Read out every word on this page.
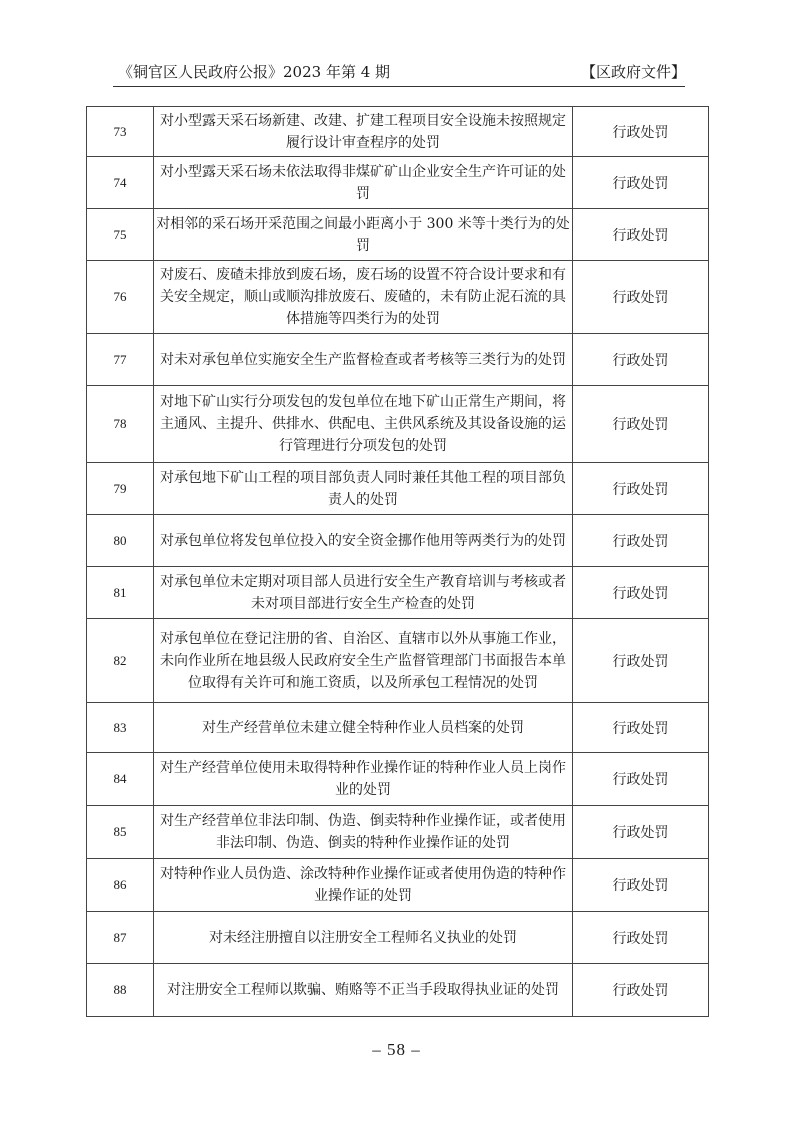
《铜官区人民政府公报》2023 年第 4 期	【区政府文件】
73	对小型露天采石场新建、改建、扩建工程项目安全设施未按照规定履行设计审查程序的处罚	行政处罚
74	对小型露天采石场未依法取得非煤矿矿山企业安全生产许可证的处罚	行政处罚
75	对相邻的采石场开采范围之间最小距离小于 300 米等十类行为的处罚	行政处罚
76	对废石、废碴未排放到废石场，废石场的设置不符合设计要求和有关安全规定，顺山或顺沟排放废石、废碴的，未有防止泥石流的具体措施等四类行为的处罚	行政处罚
77	对未对承包单位实施安全生产监督检查或者考核等三类行为的处罚	行政处罚
78	对地下矿山实行分项发包的发包单位在地下矿山正常生产期间，将主通风、主提升、供排水、供配电、主供风系统及其设备设施的运行管理进行分项发包的处罚	行政处罚
79	对承包地下矿山工程的项目部负责人同时兼任其他工程的项目部负责人的处罚	行政处罚
80	对承包单位将发包单位投入的安全资金挪作他用等两类行为的处罚	行政处罚
81	对承包单位未定期对项目部人员进行安全生产教育培训与考核或者未对项目部进行安全生产检查的处罚	行政处罚
82	对承包单位在登记注册的省、自治区、直辖市以外从事施工作业，未向作业所在地县级人民政府安全生产监督管理部门书面报告本单位取得有关许可和施工资质，以及所承包工程情况的处罚	行政处罚
83	对生产经营单位未建立健全特种作业人员档案的处罚	行政处罚
84	对生产经营单位使用未取得特种作业操作证的特种作业人员上岗作业的处罚	行政处罚
85	对生产经营单位非法印制、伪造、倒卖特种作业操作证，或者使用非法印制、伪造、倒卖的特种作业操作证的处罚	行政处罚
86	对特种作业人员伪造、涂改特种作业操作证或者使用伪造的特种作业操作证的处罚	行政处罚
87	对未经注册擅自以注册安全工程师名义执业的处罚	行政处罚
88	对注册安全工程师以欺骗、贿赂等不正当手段取得执业证的处罚	行政处罚
– 58 –
